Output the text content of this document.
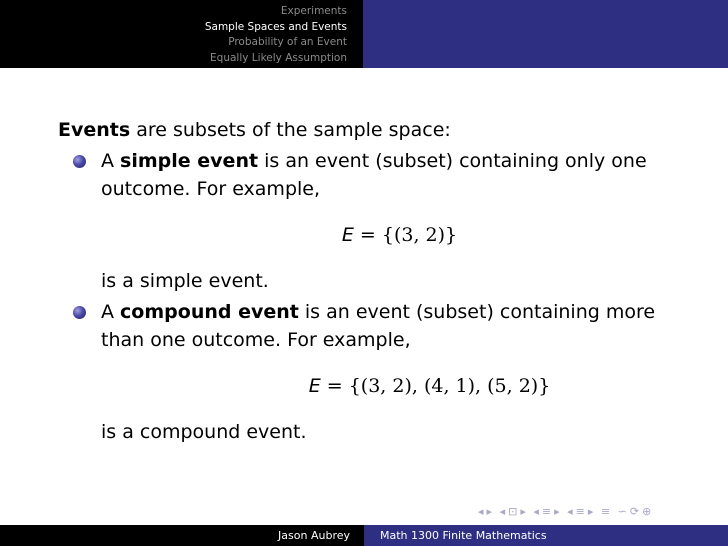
Experiments
Sample Spaces and Events
Probability of an Event
Equally Likely Assumption

Events are subsets of the sample space:

A simple event is an event (subset) containing only one outcome. For example,
E = {(3, 2)}
is a simple event.
A compound event is an event (subset) containing more than one outcome. For example,
E = {(3, 2), (4, 1), (5, 2)}
is a compound event.
◂ ▸ ◂ ⊡ ▸ ◂ ≡ ▸ ◂ ≡ ▸ ≡ ∽ ⟳ ⊕
Jason Aubrey	Math 1300 Finite Mathematics
